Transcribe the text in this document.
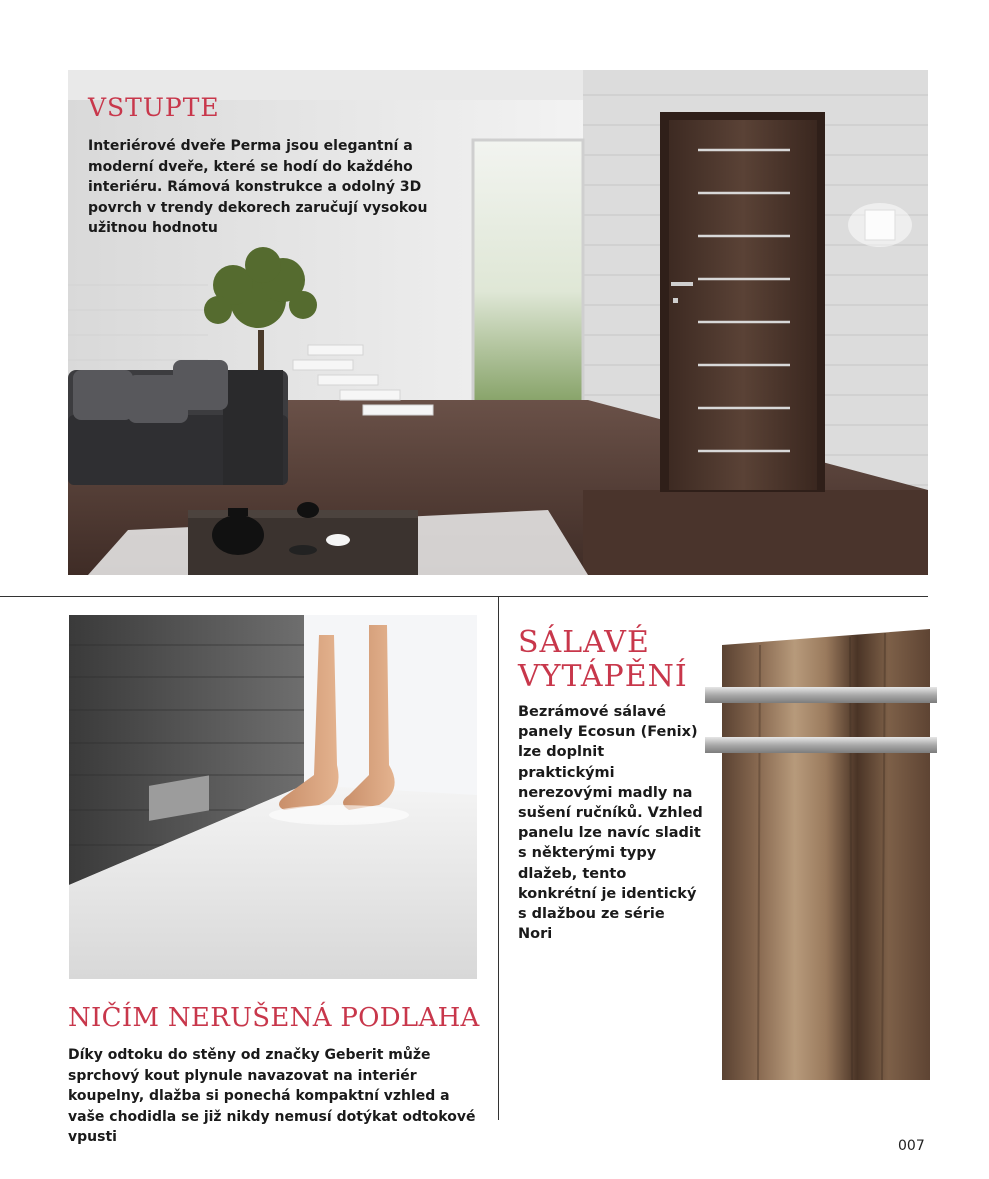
VSTUPTE

Interiérové dveře Perma jsou elegantní a moderní dveře, které se hodí do každého interiéru. Rámová konstrukce a odolný 3D povrch v trendy dekorech zaručují vysokou užitnou hodnotu

NIČÍM NERUŠENÁ PODLAHA

Díky odtoku do stěny od značky Geberit může sprchový kout plynule navazovat na interiér koupelny, dlažba si ponechá kompaktní vzhled a vaše chodidla se již nikdy nemusí dotýkat odtokové vpusti

SÁLAVÉ
VYTÁPĚNÍ

Bezrámové sálavé panely Ecosun (Fenix) lze doplnit praktickými nerezovými madly na sušení ručníků. Vzhled panelu lze navíc sladit s některými typy dlažeb, tento konkrétní je identický s dlažbou ze série Nori

007
